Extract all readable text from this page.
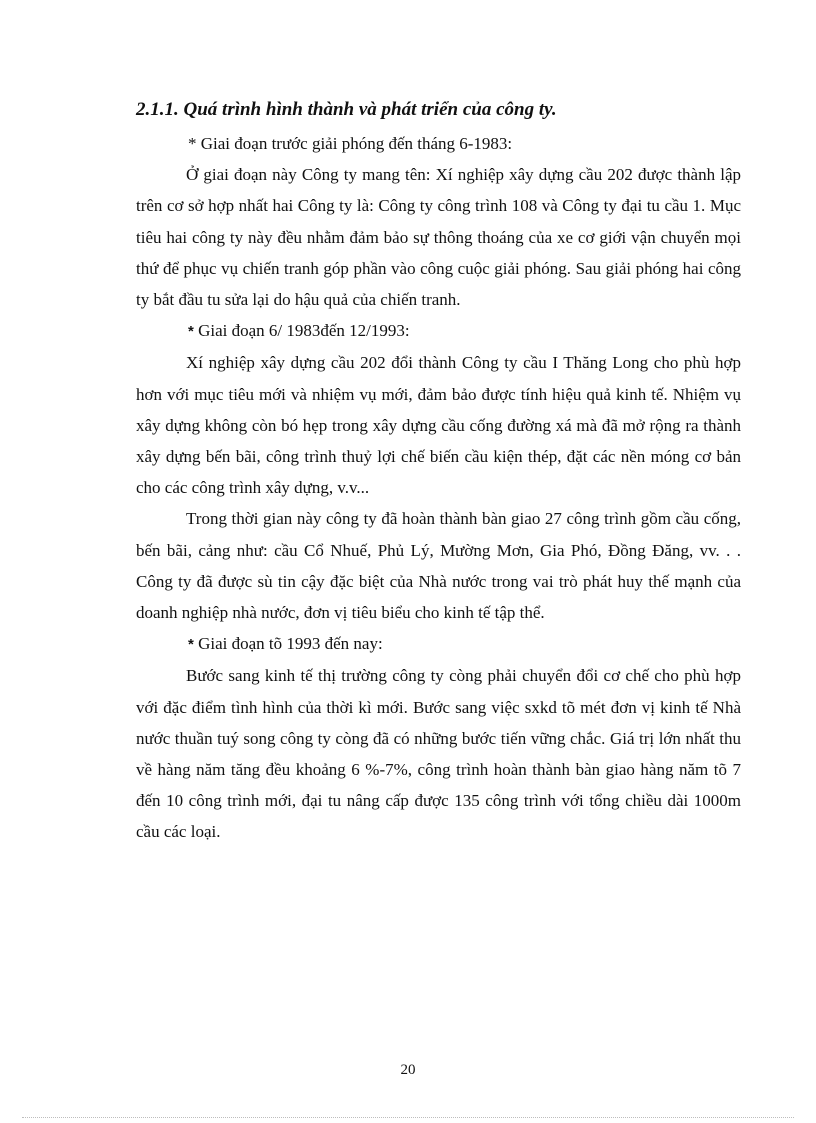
2.1.1. Quá trình hình thành và phát triển của công ty.
* Giai đoạn trước giải phóng đến tháng 6-1983:

Ở giai đoạn này Công ty mang tên: Xí nghiệp xây dựng cầu 202 được thành lập trên cơ sở hợp nhất hai Công ty là: Công ty công trình 108 và Công ty đại tu cầu 1. Mục tiêu hai công ty này đều nhằm đảm bảo sự thông thoáng của xe cơ giới vận chuyển mọi thứ để phục vụ chiến tranh góp phần vào công cuộc giải phóng. Sau giải phóng hai công ty bắt đầu tu sửa lại do hậu quả của chiến tranh.

* Giai đoạn 6/ 1983đến 12/1993:

Xí nghiệp xây dựng cầu 202 đổi thành Công ty cầu I Thăng Long cho phù hợp hơn với mục tiêu mới và nhiệm vụ mới, đảm bảo được tính hiệu quả kinh tế. Nhiệm vụ xây dựng không còn bó hẹp trong xây dựng cầu cống đường xá mà đã mở rộng ra thành xây dựng bến bãi, công trình thuỷ lợi chế biến cầu kiện thép, đặt các nền móng cơ bản cho các công trình xây dựng, v.v...

Trong thời gian này công ty đã hoàn thành bàn giao 27 công trình gồm cầu cống, bến bãi, cảng như: cầu Cổ Nhuế, Phủ Lý, Mường Mơn, Gia Phó, Đồng Đăng, vv. . . Công ty đã được sù tin cậy đặc biệt của Nhà nước trong vai trò phát huy thế mạnh của doanh nghiệp nhà nước, đơn vị tiêu biểu cho kinh tế tập thể.

* Giai đoạn tõ 1993 đến nay:

Bước sang kinh tế thị trường công ty còng phải chuyển đổi cơ chế cho phù hợp với đặc điểm tình hình của thời kì mới. Bước sang việc sxkd tõ mét đơn vị kinh tế Nhà nước thuần tuý song công ty còng đã có những bước tiến vững chắc. Giá trị lớn nhất thu về hàng năm tăng đều khoảng 6 %-7%, công trình hoàn thành bàn giao hàng năm tõ 7 đến 10 công trình mới, đại tu nâng cấp được 135 công trình với tổng chiều dài 1000m cầu các loại.

20
